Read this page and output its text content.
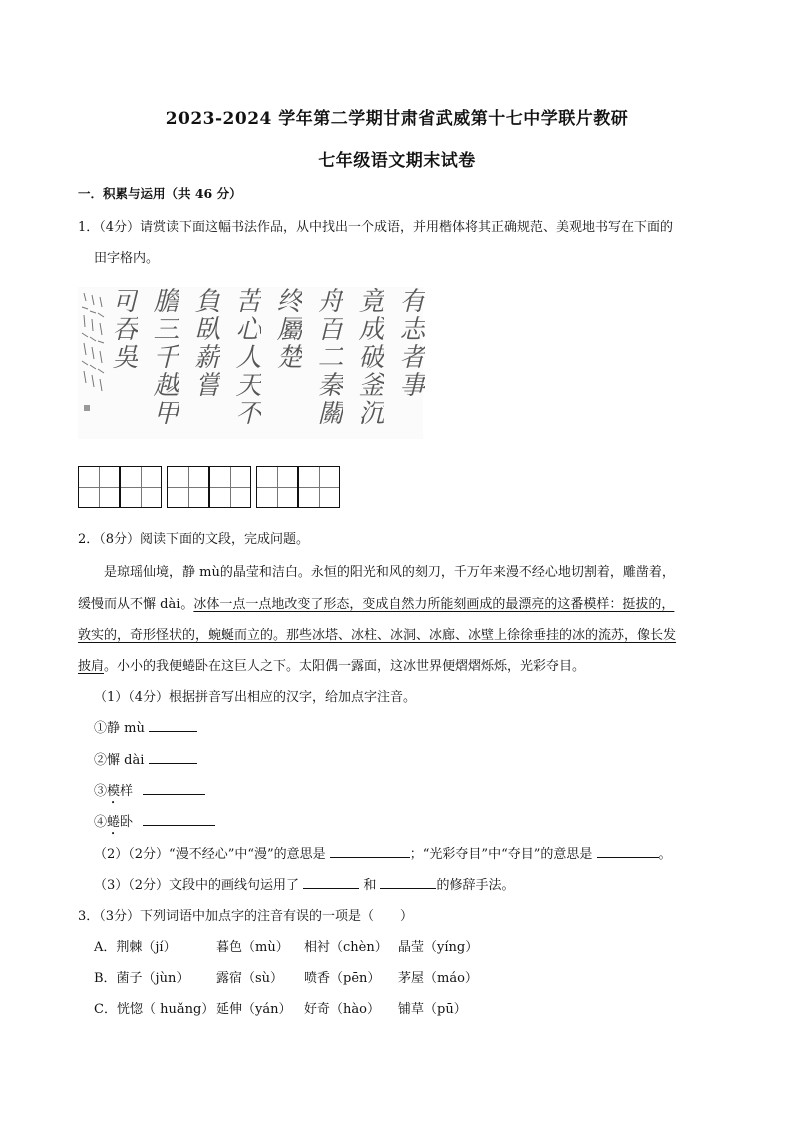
2023-2024 学年第二学期甘肃省武威第十七中学联片教研
七年级语文期末试卷
一．积累与运用（共 46 分）
1．（4分）请赏读下面这幅书法作品，从中找出一个成语，并用楷体将其正确规范、美观地书写在下面的
田字格内。
有志者事
竟成破釜沉
舟百二秦關
终屬楚
苦心人天不
負臥薪嘗
膽三千越甲
可吞吳
2．（8分）阅读下面的文段，完成问题。
是琼瑶仙境，静 mù的晶莹和洁白。永恒的阳光和风的刻刀，千万年来漫不经心地切割着，雕凿着，
缓慢而从不懈 dài。冰体一点一点地改变了形态，变成自然力所能刻画成的最漂亮的这番模样：挺拔的，
敦实的，奇形怪状的，蜿蜒而立的。那些冰塔、冰柱、冰洞、冰廊、冰壁上徐徐垂挂的冰的流苏，像长发
披肩。小小的我便蜷卧在这巨人之下。太阳偶一露面，这冰世界便熠熠烁烁，光彩夺目。
（1）（4分）根据拼音写出相应的汉字，给加点字注音。
①静 mù
②懈 dài
③模样
④蜷卧
（2）（2分）“漫不经心”中“漫”的意思是	；“光彩夺目”中“夺目”的意思是	。
（3）（2分）文段中的画线句运用了	和	的修辞手法。
3．（3分）下列词语中加点字的注音有误的一项是（　　）
A．荆棘（jí）	暮色（mù） 相衬（chèn） 晶莹（yíng）
B．菌子（jùn） 露宿（sù） 喷香（pēn） 茅屋（máo）
C．恍惚（ huǎng） 延伸（yán） 好奇（hào） 铺草（pū）
